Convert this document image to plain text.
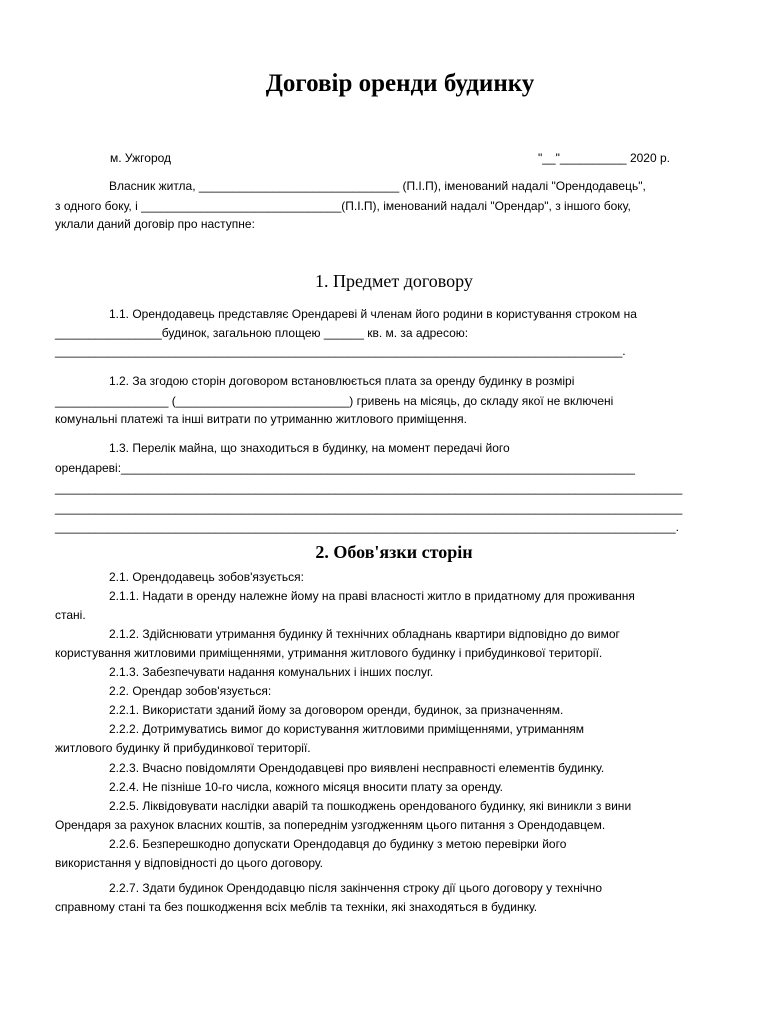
Договір оренди будинку
м. Ужгород	"__"__________ 2020 р.
Власник житла, ______________________________ (П.І.П), іменований надалі "Орендодавець",
з одного боку, і ______________________________(П.І.П), іменований надалі "Орендар", з іншого боку,
уклали даний договір про наступне:
1. Предмет договору
1.1. Орендодавець представляє Орендареві й членам його родини в користування строком на
________________будинок, загальною площею ______ кв. м. за адресою:
_____________________________________________________________________________________.
1.2. За згодою сторін договором встановлюється плата за оренду будинку в розмірі
_________________ (__________________________) гривень на місяць, до складу якої не включені
комунальні платежі та інші витрати по утриманню житлового приміщення.
1.3. Перелік майна, що знаходиться в будинку, на момент передачі його
орендареві:_____________________________________________________________________________
______________________________________________________________________________________________
______________________________________________________________________________________________
_____________________________________________________________________________________________.
2. Обов'язки сторін
2.1. Орендодавець зобов'язується:
2.1.1. Надати в оренду належне йому на праві власності житло в придатному для проживання
стані.
2.1.2. Здійснювати утримання будинку й технічних обладнань квартири відповідно до вимог
користування житловими приміщеннями, утримання житлового будинку і прибудинкової території.
2.1.3. Забезпечувати надання комунальних і інших послуг.
2.2. Орендар зобов'язується:
2.2.1. Використати зданий йому за договором оренди, будинок, за призначенням.
2.2.2. Дотримуватись вимог до користування житловими приміщеннями, утриманням
житлового будинку й прибудинкової території.
2.2.3. Вчасно повідомляти Орендодавцеві про виявлені несправності елементів будинку.
2.2.4. Не пізніше 10-го числа, кожного місяця вносити плату за оренду.
2.2.5. Ліквідовувати наслідки аварій та пошкоджень орендованого будинку, які виникли з вини
Орендаря за рахунок власних коштів, за попереднім узгодженням цього питання з Орендодавцем.
2.2.6. Безперешкодно допускати Орендодавця до будинку з метою перевірки його
використання у відповідності до цього договору.
2.2.7. Здати будинок Орендодавцю після закінчення строку дії цього договору у технічно
справному стані та без пошкодження всіх меблів та техніки, які знаходяться в будинку.
